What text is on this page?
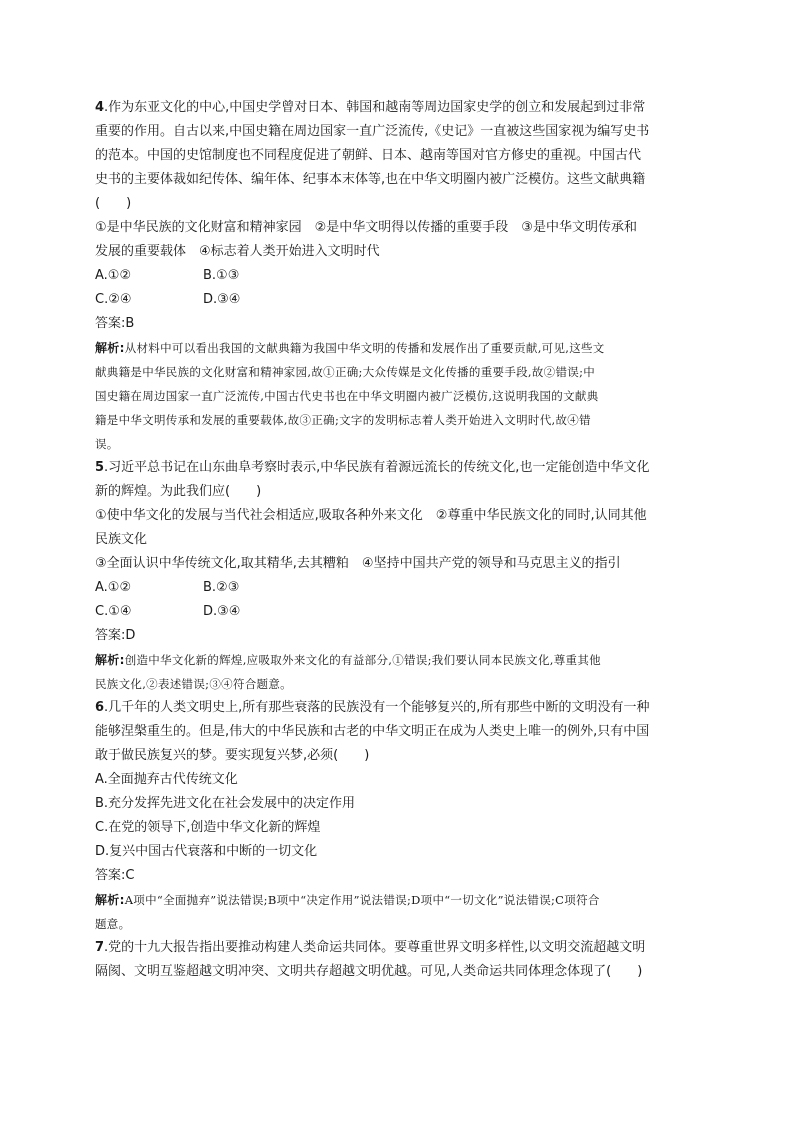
4.作为东亚文化的中心,中国史学曾对日本、韩国和越南等周边国家史学的创立和发展起到过非常
重要的作用。自古以来,中国史籍在周边国家一直广泛流传,《史记》一直被这些国家视为编写史书
的范本。中国的史馆制度也不同程度促进了朝鲜、日本、越南等国对官方修史的重视。中国古代
史书的主要体裁如纪传体、编年体、纪事本末体等,也在中华文明圈内被广泛模仿。这些文献典籍
(　　)
①是中华民族的文化财富和精神家园　②是中华文明得以传播的重要手段　③是中华文明传承和
发展的重要载体　④标志着人类开始进入文明时代
A.①②	B.①③
C.②④	D.③④
答案:B
解析:从材料中可以看出我国的文献典籍为我国中华文明的传播和发展作出了重要贡献,可见,这些文
献典籍是中华民族的文化财富和精神家园,故①正确;大众传媒是文化传播的重要手段,故②错误;中
国史籍在周边国家一直广泛流传,中国古代史书也在中华文明圈内被广泛模仿,这说明我国的文献典
籍是中华文明传承和发展的重要载体,故③正确;文字的发明标志着人类开始进入文明时代,故④错
误。
5.习近平总书记在山东曲阜考察时表示,中华民族有着源远流长的传统文化,也一定能创造中华文化
新的辉煌。为此我们应(　　)
①使中华文化的发展与当代社会相适应,吸取各种外来文化　②尊重中华民族文化的同时,认同其他
民族文化
③全面认识中华传统文化,取其精华,去其糟粕　④坚持中国共产党的领导和马克思主义的指引
A.①②	B.②③
C.①④	D.③④
答案:D
解析:创造中华文化新的辉煌,应吸取外来文化的有益部分,①错误;我们要认同本民族文化,尊重其他
民族文化,②表述错误;③④符合题意。
6.几千年的人类文明史上,所有那些衰落的民族没有一个能够复兴的,所有那些中断的文明没有一种
能够涅槃重生的。但是,伟大的中华民族和古老的中华文明正在成为人类史上唯一的例外,只有中国
敢于做民族复兴的梦。要实现复兴梦,必须(　　)
A.全面抛弃古代传统文化
B.充分发挥先进文化在社会发展中的决定作用
C.在党的领导下,创造中华文化新的辉煌
D.复兴中国古代衰落和中断的一切文化
答案:C
解析:A项中“全面抛弃”说法错误;B项中“决定作用”说法错误;D项中“一切文化”说法错误;C项符合
题意。
7.党的十九大报告指出要推动构建人类命运共同体。要尊重世界文明多样性,以文明交流超越文明
隔阂、文明互鉴超越文明冲突、文明共存超越文明优越。可见,人类命运共同体理念体现了(　　)
